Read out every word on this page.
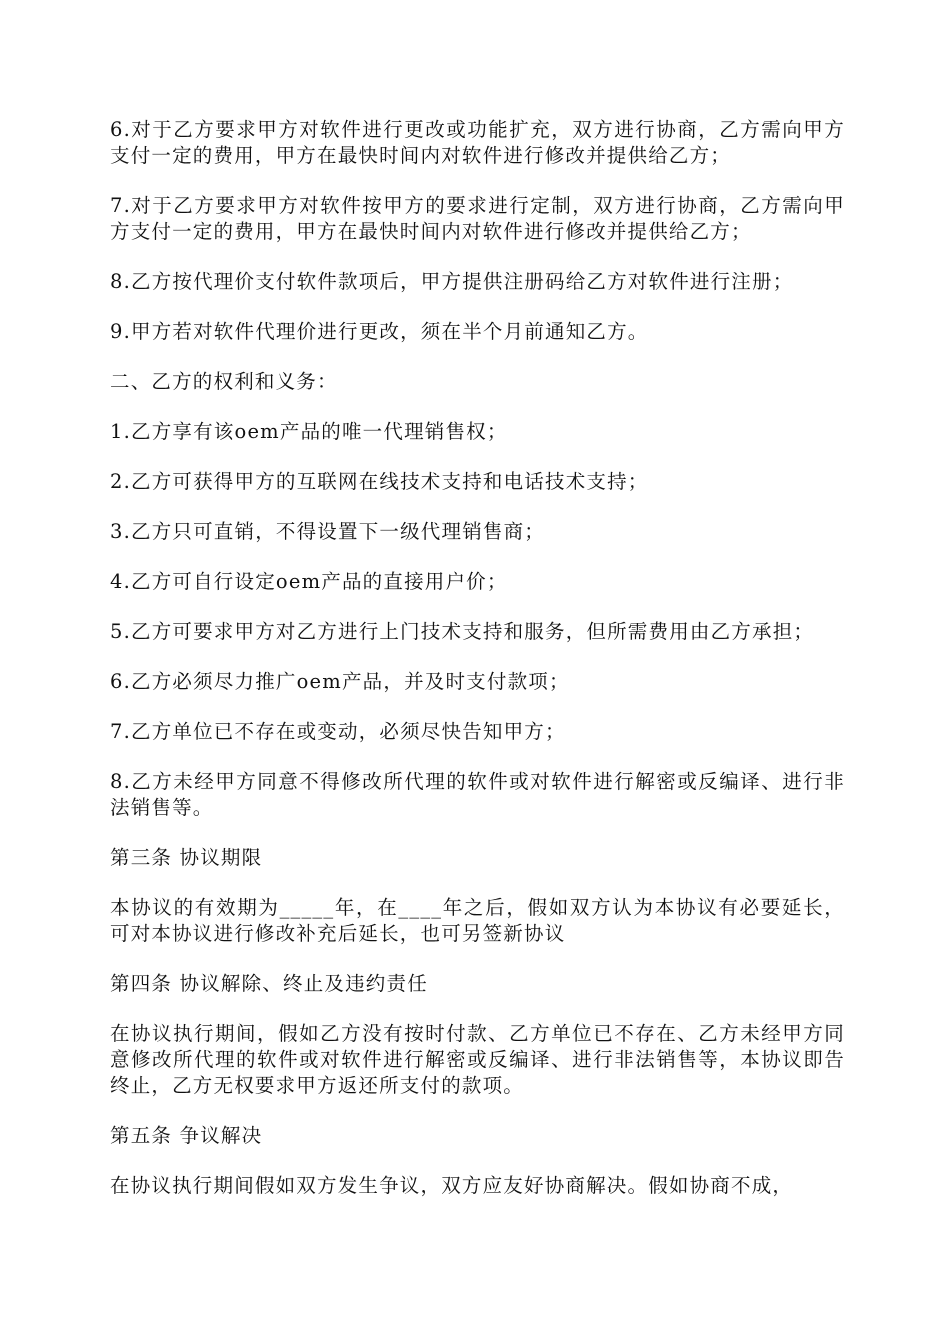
6.对于乙方要求甲方对软件进行更改或功能扩充，双方进行协商，乙方需向甲方支付一定的费用，甲方在最快时间内对软件进行修改并提供给乙方；

7.对于乙方要求甲方对软件按甲方的要求进行定制，双方进行协商，乙方需向甲方支付一定的费用，甲方在最快时间内对软件进行修改并提供给乙方；

8.乙方按代理价支付软件款项后，甲方提供注册码给乙方对软件进行注册；

9.甲方若对软件代理价进行更改，须在半个月前通知乙方。

二、乙方的权利和义务：

1.乙方享有该oem产品的唯一代理销售权；

2.乙方可获得甲方的互联网在线技术支持和电话技术支持；

3.乙方只可直销，不得设置下一级代理销售商；

4.乙方可自行设定oem产品的直接用户价；

5.乙方可要求甲方对乙方进行上门技术支持和服务，但所需费用由乙方承担；

6.乙方必须尽力推广oem产品，并及时支付款项；

7.乙方单位已不存在或变动，必须尽快告知甲方；

8.乙方未经甲方同意不得修改所代理的软件或对软件进行解密或反编译、进行非法销售等。

第三条 协议期限

本协议的有效期为_____年，在____年之后，假如双方认为本协议有必要延长，可对本协议进行修改补充后延长，也可另签新协议

第四条 协议解除、终止及违约责任

在协议执行期间，假如乙方没有按时付款、乙方单位已不存在、乙方未经甲方同意修改所代理的软件或对软件进行解密或反编译、进行非法销售等，本协议即告终止，乙方无权要求甲方返还所支付的款项。

第五条 争议解决

在协议执行期间假如双方发生争议，双方应友好协商解决。假如协商不成，
